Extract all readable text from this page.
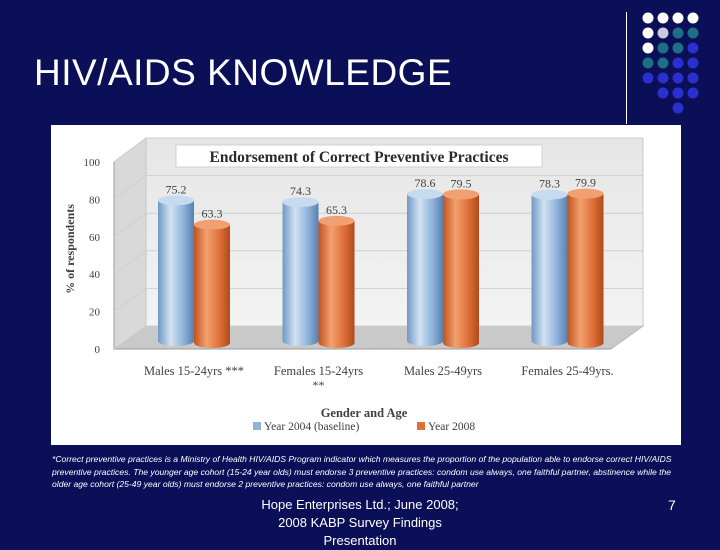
HIV/AIDS KNOWLEDGE
0
20
40
60
80
100
75.2
63.3
74.3
65.3
78.6 79.5	78.3 79.9
Males 15-24yrs *** Females 15-24yrs
**
Males 25-49yrs	Females 25-49yrs.
Endorsement of Correct Preventive Practices
% of respondents
Gender and Age
Year 2004 (baseline)	Year 2008
*Correct preventive practices is a Ministry of Health HIV/AIDS Program indicator which measures the proportion of the population able to endorse correct HIV/AIDS preventive practices. The younger age cohort (15-24 year olds) must endorse 3 preventive practices: condom use always, one faithful partner, abstinence while the older age cohort (25-49 year olds) must endorse 2 preventive practices: condom use always, one faithful partner
Hope Enterprises Ltd.; June 2008;
2008 KABP Survey Findings
Presentation
7
